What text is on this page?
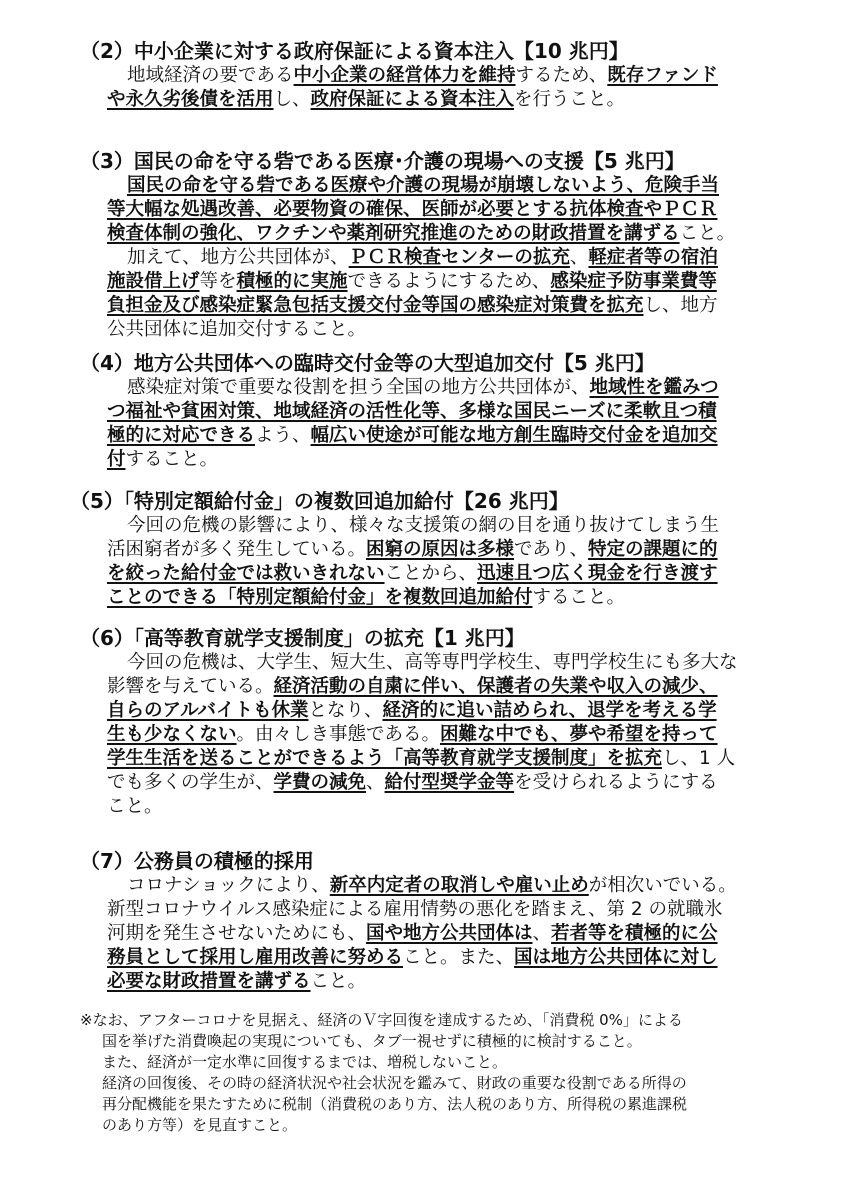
（2）中小企業に対する政府保証による資本注入【10 兆円】
地域経済の要である中小企業の経営体力を維持するため、既存ファンド
や永久劣後債を活用し、政府保証による資本注入を行うこと。
（3）国民の命を守る砦である医療･介護の現場への支援【5 兆円】
国民の命を守る砦である医療や介護の現場が崩壊しないよう、危険手当
等大幅な処遇改善、必要物資の確保、医師が必要とする抗体検査やＰＣＲ
検査体制の強化、ワクチンや薬剤研究推進のための財政措置を講ずること。
加えて、地方公共団体が、ＰＣＲ検査センターの拡充、軽症者等の宿泊
施設借上げ等を積極的に実施できるようにするため、感染症予防事業費等
負担金及び感染症緊急包括支援交付金等国の感染症対策費を拡充し、地方
公共団体に追加交付すること。
（4）地方公共団体への臨時交付金等の大型追加交付【5 兆円】
感染症対策で重要な役割を担う全国の地方公共団体が、地域性を鑑みつ
つ福祉や貧困対策、地域経済の活性化等、多様な国民ニーズに柔軟且つ積
極的に対応できるよう、幅広い使途が可能な地方創生臨時交付金を追加交
付すること。
（5）「特別定額給付金」の複数回追加給付【26 兆円】
今回の危機の影響により、様々な支援策の網の目を通り抜けてしまう生
活困窮者が多く発生している。困窮の原因は多様であり、特定の課題に的
を絞った給付金では救いきれないことから、迅速且つ広く現金を行き渡す
ことのできる「特別定額給付金」を複数回追加給付すること。
（6）「高等教育就学支援制度」の拡充【1 兆円】
今回の危機は、大学生、短大生、高等専門学校生、専門学校生にも多大な
影響を与えている。経済活動の自粛に伴い、保護者の失業や収入の減少、
自らのアルバイトも休業となり、経済的に追い詰められ、退学を考える学
生も少なくない。由々しき事態である。困難な中でも、夢や希望を持って
学生生活を送ることができるよう「高等教育就学支援制度」を拡充し、1 人
でも多くの学生が、学費の減免、給付型奨学金等を受けられるようにする
こと。
（7）公務員の積極的採用
コロナショックにより、新卒内定者の取消しや雇い止めが相次いでいる。
新型コロナウイルス感染症による雇用情勢の悪化を踏まえ、第 2 の就職氷
河期を発生させないためにも、国や地方公共団体は、若者等を積極的に公
務員として採用し雇用改善に努めること。また、国は地方公共団体に対し
必要な財政措置を講ずること。
※なお、アフターコロナを見据え、経済のＶ字回復を達成するため、「消費税 0%」による
国を挙げた消費喚起の実現についても、タブ一視せずに積極的に検討すること。
また、経済が一定水準に回復するまでは、増税しないこと。
経済の回復後、その時の経済状況や社会状況を鑑みて、財政の重要な役割である所得の
再分配機能を果たすために税制（消費税のあり方、法人税のあり方、所得税の累進課税
のあり方等）を見直すこと。
